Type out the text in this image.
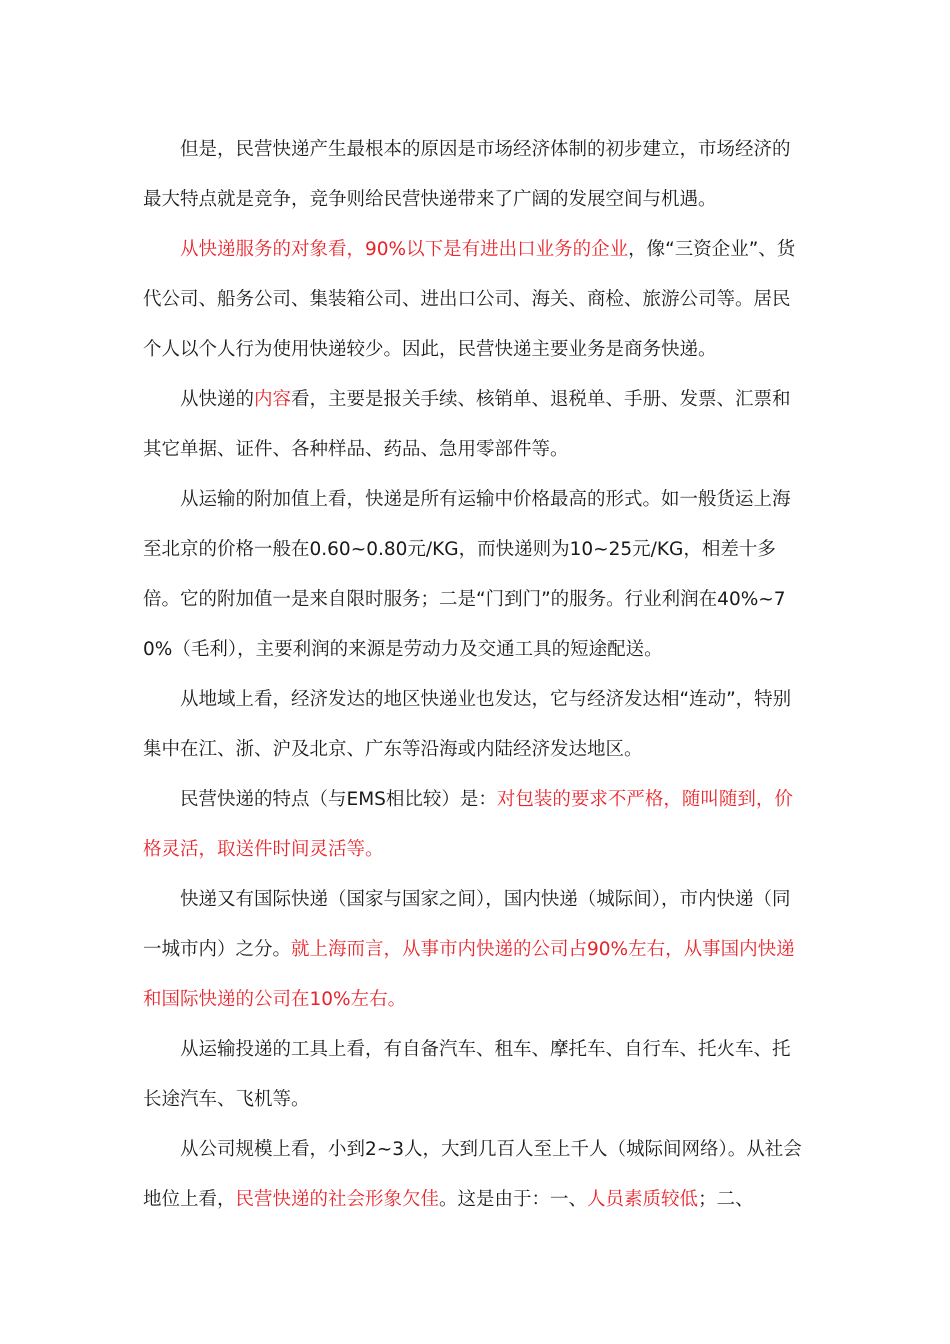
但是，民营快递产生最根本的原因是市场经济体制的初步建立，市场经济的最大特点就是竞争，竞争则给民营快递带来了广阔的发展空间与机遇。

从快递服务的对象看，90%以下是有进出口业务的企业，像“三资企业”、货代公司、船务公司、集装箱公司、进出口公司、海关、商检、旅游公司等。居民个人以个人行为使用快递较少。因此，民营快递主要业务是商务快递。

从快递的内容看，主要是报关手续、核销单、退税单、手册、发票、汇票和其它单据、证件、各种样品、药品、急用零部件等。

从运输的附加值上看，快递是所有运输中价格最高的形式。如一般货运上海至北京的价格一般在0.60~0.80元/KG，而快递则为10~25元/KG，相差十多倍。它的附加值一是来自限时服务；二是“门到门”的服务。行业利润在40%~70%（毛利），主要利润的来源是劳动力及交通工具的短途配送。

从地域上看，经济发达的地区快递业也发达，它与经济发达相“连动”，特别集中在江、浙、沪及北京、广东等沿海或内陆经济发达地区。

民营快递的特点（与EMS相比较）是：对包装的要求不严格，随叫随到，价格灵活，取送件时间灵活等。

快递又有国际快递（国家与国家之间），国内快递（城际间），市内快递（同一城市内）之分。就上海而言，从事市内快递的公司占90%左右，从事国内快递和国际快递的公司在10%左右。

从运输投递的工具上看，有自备汽车、租车、摩托车、自行车、托火车、托长途汽车、飞机等。

从公司规模上看，小到2~3人，大到几百人至上千人（城际间网络）。从社会地位上看，民营快递的社会形象欠佳。这是由于：一、人员素质较低；二、
